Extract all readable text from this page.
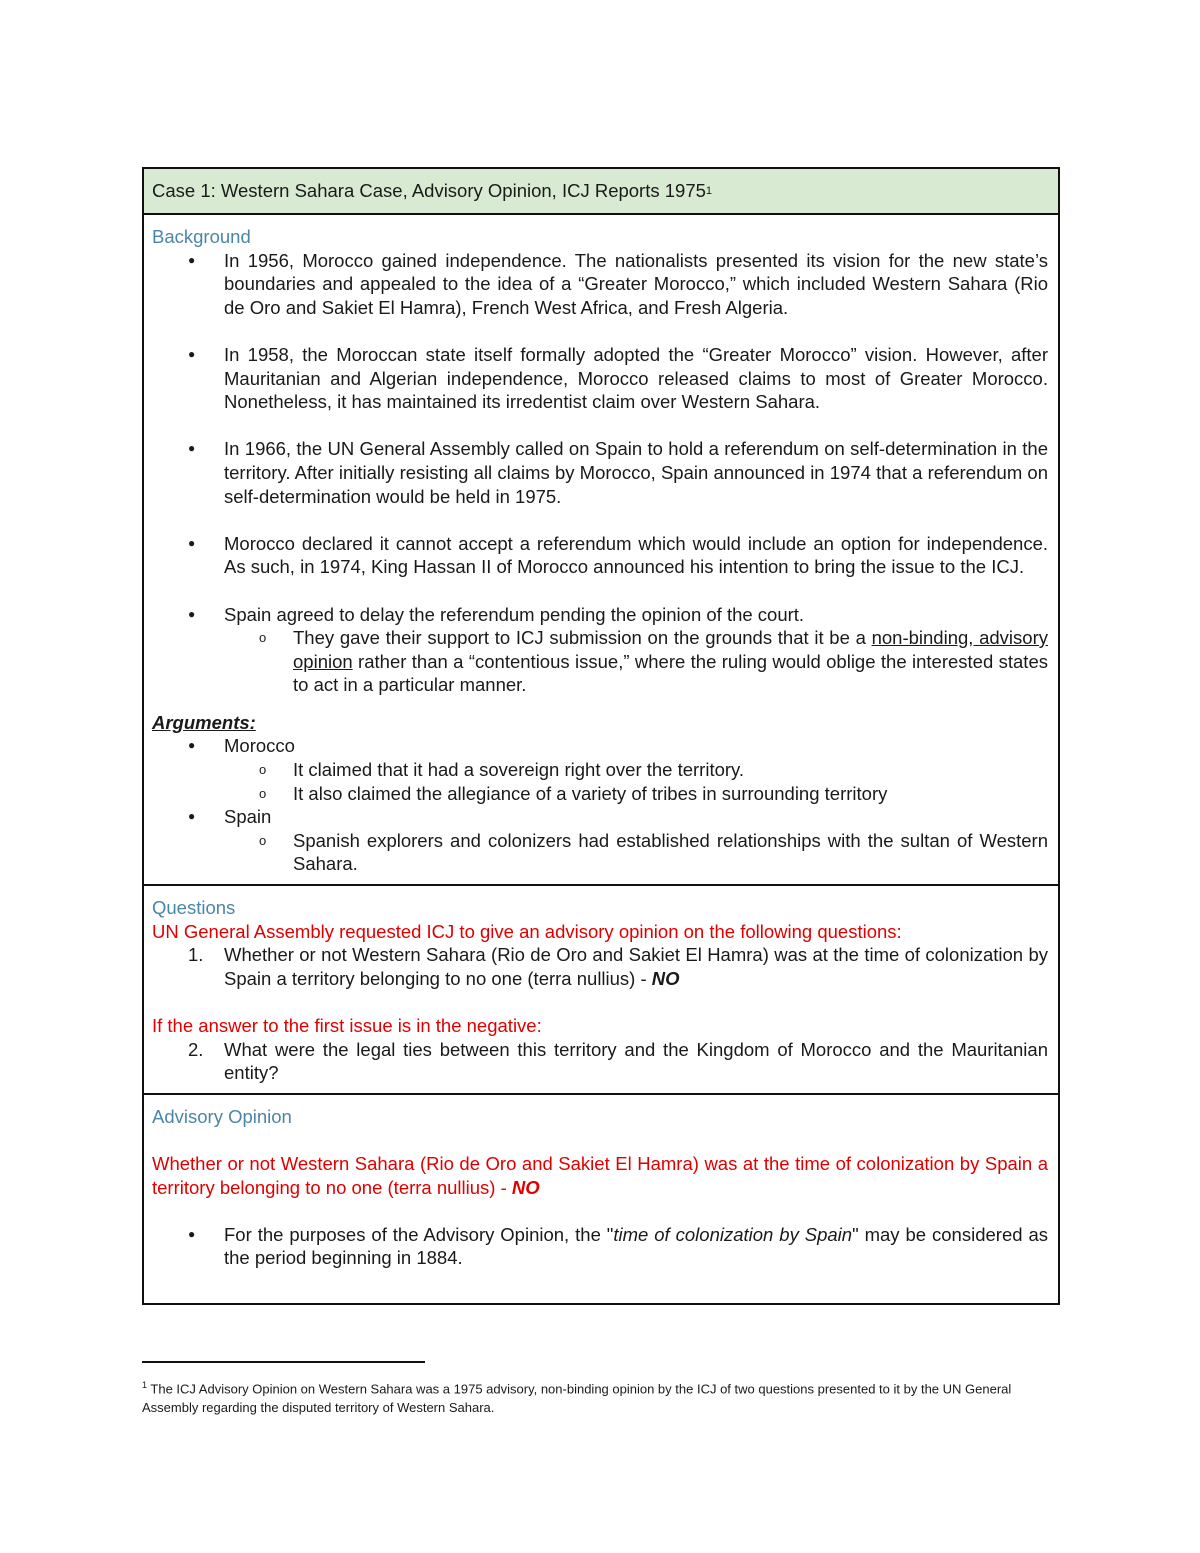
Case 1: Western Sahara Case, Advisory Opinion, ICJ Reports 1975 1
Background
● In 1956, Morocco gained independence. The nationalists presented its vision for the new state’s boundaries and appealed to the idea of a “Greater Morocco,” which included Western Sahara (Rio de Oro and Sakiet El Hamra), French West Africa, and Fresh Algeria.
● In 1958, the Moroccan state itself formally adopted the “Greater Morocco” vision. However, after Mauritanian and Algerian independence, Morocco released claims to most of Greater Morocco. Nonetheless, it has maintained its irredentist claim over Western Sahara.
● In 1966, the UN General Assembly called on Spain to hold a referendum on self-determination in the territory. After initially resisting all claims by Morocco, Spain announced in 1974 that a referendum on self-determination would be held in 1975.
● Morocco declared it cannot accept a referendum which would include an option for independence. As such, in 1974, King Hassan II of Morocco announced his intention to bring the issue to the ICJ.
● Spain agreed to delay the referendum pending the opinion of the court.
o They gave their support to ICJ submission on the grounds that it be a non-binding, advisory opinion rather than a “contentious issue,” where the ruling would oblige the interested states to act in a particular manner.
Arguments:
● Morocco
o It claimed that it had a sovereign right over the territory.
o It also claimed the allegiance of a variety of tribes in surrounding territory
● Spain
o Spanish explorers and colonizers had established relationships with the sultan of Western Sahara.
Questions
UN General Assembly requested ICJ to give an advisory opinion on the following questions:
1. Whether or not Western Sahara (Rio de Oro and Sakiet El Hamra) was at the time of colonization by Spain a territory belonging to no one (terra nullius) - NO
If the answer to the first issue is in the negative:
2. What were the legal ties between this territory and the Kingdom of Morocco and the Mauritanian entity?
Advisory Opinion
Whether or not Western Sahara (Rio de Oro and Sakiet El Hamra) was at the time of colonization by Spain a territory belonging to no one (terra nullius) - NO
● For the purposes of the Advisory Opinion, the "time of colonization by Spain" may be considered as the period beginning in 1884.
$^1$ The ICJ Advisory Opinion on Western Sahara was a 1975 advisory, non-binding opinion by the ICJ of two questions presented to it by the UN General Assembly regarding the disputed territory of Western Sahara.
